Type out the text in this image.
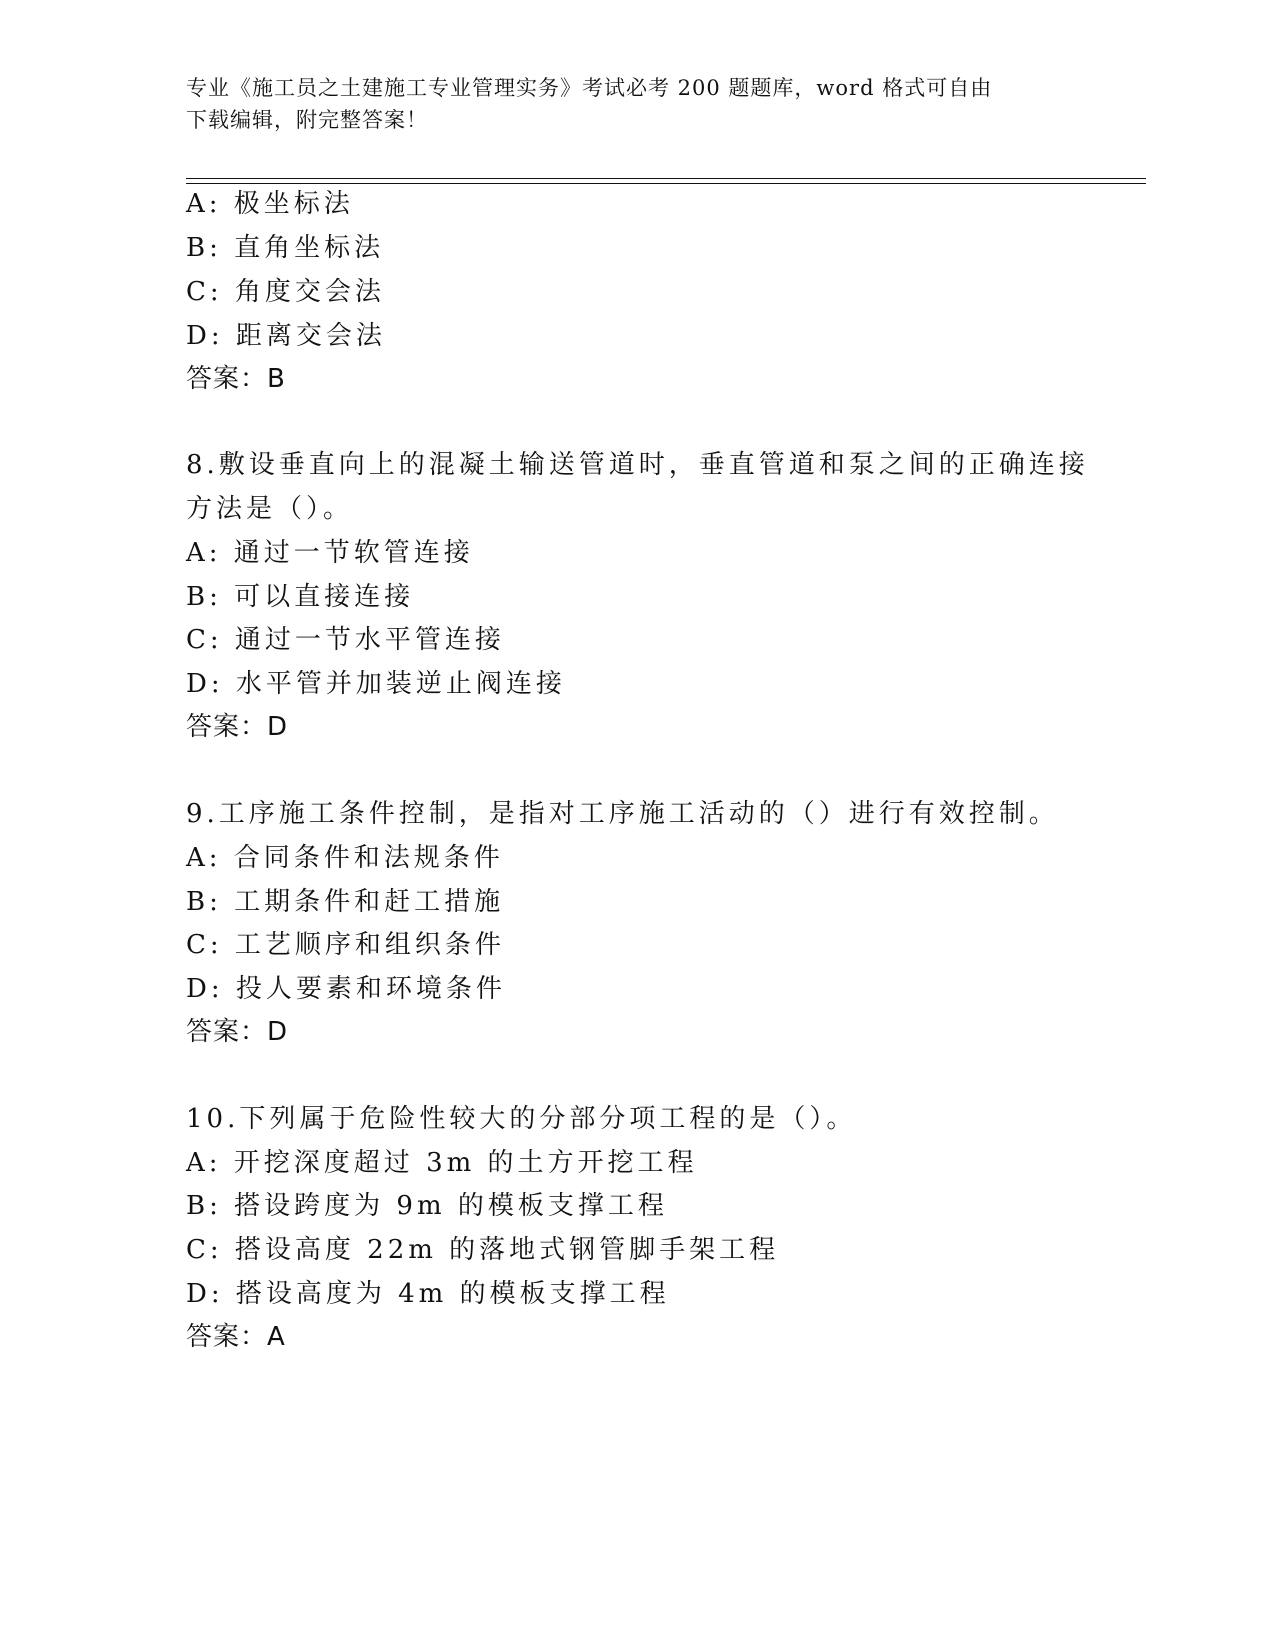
专业《施工员之土建施工专业管理实务》考试必考 200 题题库，word 格式可自由
下载编辑，附完整答案！
A: 极坐标法
B: 直角坐标法
C: 角度交会法
D: 距离交会法
答案：B
8.敷设垂直向上的混凝土输送管道时，垂直管道和泵之间的正确连接
方法是（）。
A: 通过一节软管连接
B: 可以直接连接
C: 通过一节水平管连接
D: 水平管并加装逆止阀连接
答案：D
9.工序施工条件控制，是指对工序施工活动的（）进行有效控制。
A: 合同条件和法规条件
B: 工期条件和赶工措施
C: 工艺顺序和组织条件
D: 投人要素和环境条件
答案：D
10.下列属于危险性较大的分部分项工程的是（）。
A: 开挖深度超过 3m 的土方开挖工程
B: 搭设跨度为 9m 的模板支撑工程
C: 搭设高度 22m 的落地式钢管脚手架工程
D: 搭设高度为 4m 的模板支撑工程
答案：A
